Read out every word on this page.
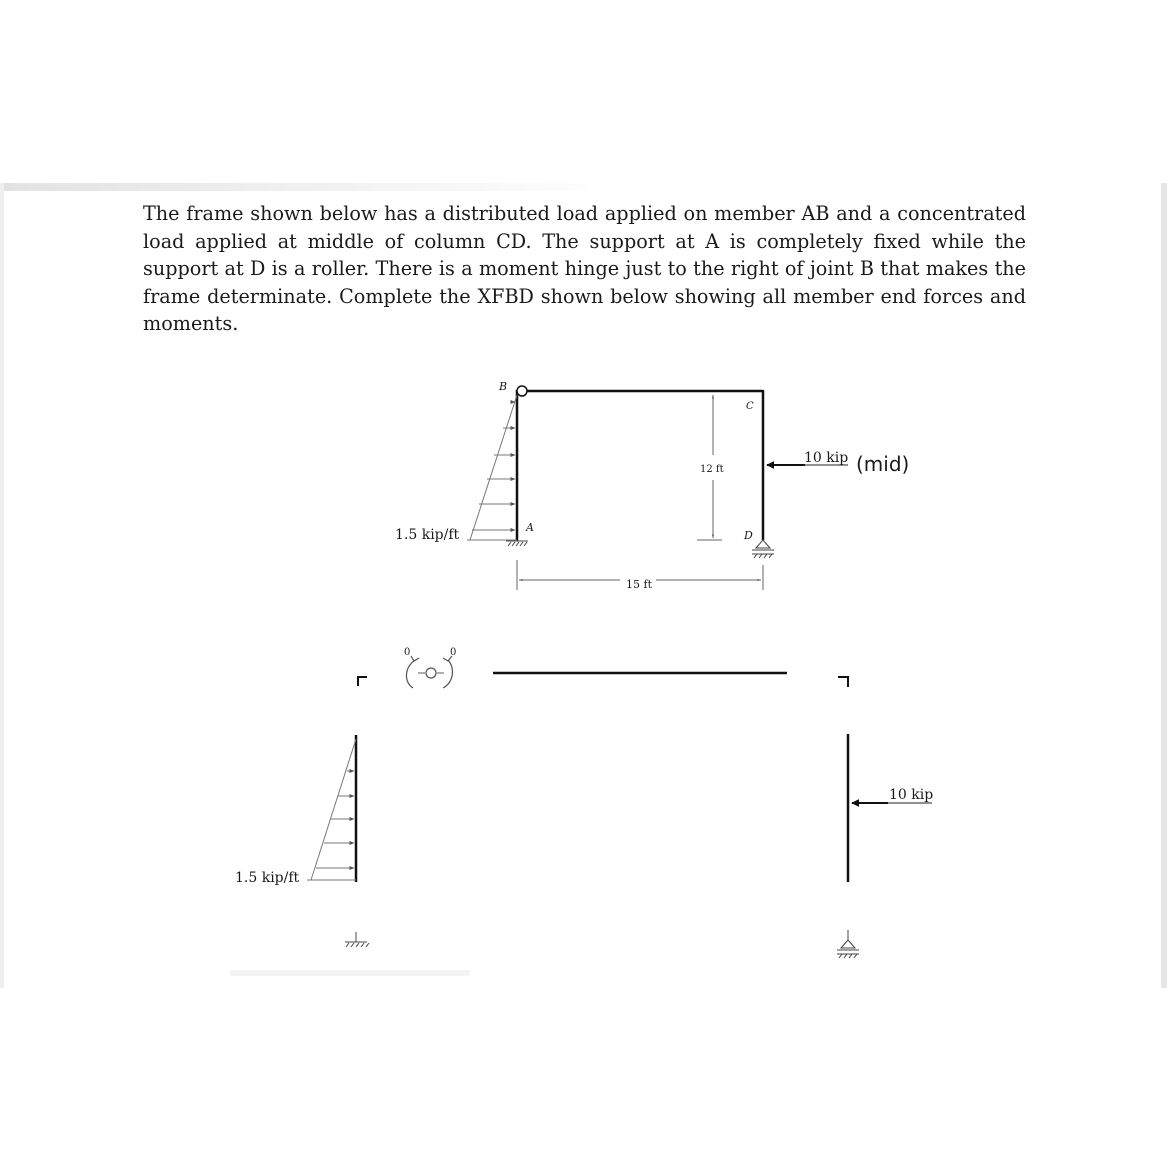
The frame shown below has a distributed load applied on member AB and a concentrated load applied at middle of column CD. The support at A is completely fixed while the support at D is a roller. There is a moment hinge just to the right of joint B that makes the frame determinate. Complete the XFBD shown below showing all member end forces and moments.

B
C
A
D
1.5 kip/ft
12 ft
15 ft
10 kip (mid)
0	0
1.5 kip/ft
10 kip
